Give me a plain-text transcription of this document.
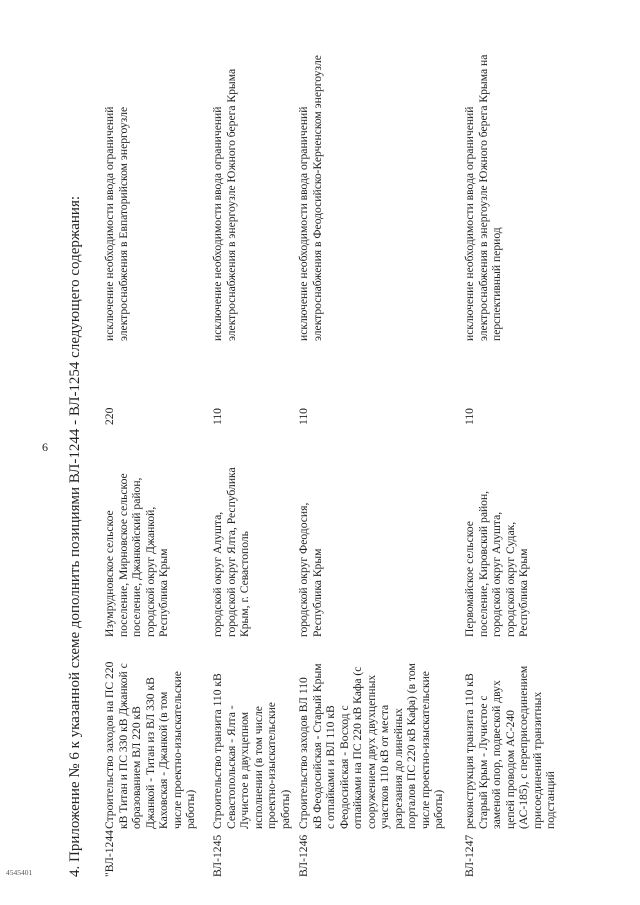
6
4545401 4. Приложение № 6 к указанной схеме дополнить позициями ВЛ-1244 - ВЛ-1254 следующего содержания: "ВЛ-1244
Строительство заходов на ПС 220 кВ Титан и ПС 330 кВ Джанкой с образованием ВЛ 220 кВ Джанкой - Титан из ВЛ 330 кВ Каховская - Джанкой (в том числе проектно-изыскательские работы)
Изумрудновское сельское поселение, Мирновское сельское поселение, Джанкойский район, городской округ Джанкой, Республика Крым
220
исключение необходимости ввода ограничений электроснабжения в Евпаторийском энергоузле
ВЛ-1245
Строительство транзита 110 кВ Севастопольская - Ялта - Лучистое в двухцепном исполнении (в том числе проектно-изыскательские работы)
городской округ Алушта, городской округ Ялта, Республика Крым, г. Севастополь
110
исключение необходимости ввода ограничений электроснабжения в энергоузле Южного берега Крыма
ВЛ-1246
Строительство заходов ВЛ 110 кВ Феодосийская - Старый Крым с отпайками и ВЛ 110 кВ Феодосийская - Восход с отпайками на ПС 220 кВ Кафа (с сооружением двух двухцепных участков 110 кВ от места разрезания до линейных порталов ПС 220 кВ Кафа) (в том числе проектно-изыскательские работы)
городской округ Феодосия, Республика Крым
110
исключение необходимости ввода ограничений электроснабжения в Феодосийско-Керченском энергоузле
ВЛ-1247
реконструкция транзита 110 кВ Старый Крым - Лучистое с заменой опор, подвеской двух цепей проводом АС-240 (АС-185), с переприсоединением присоединений транзитных подстанций
Первомайское сельское поселение, Кировский район, городской округ Алушта, городской округ Судак, Республика Крым
110
исключение необходимости ввода ограничений электроснабжения в энергоузле Южного берега Крыма на перспективный период
